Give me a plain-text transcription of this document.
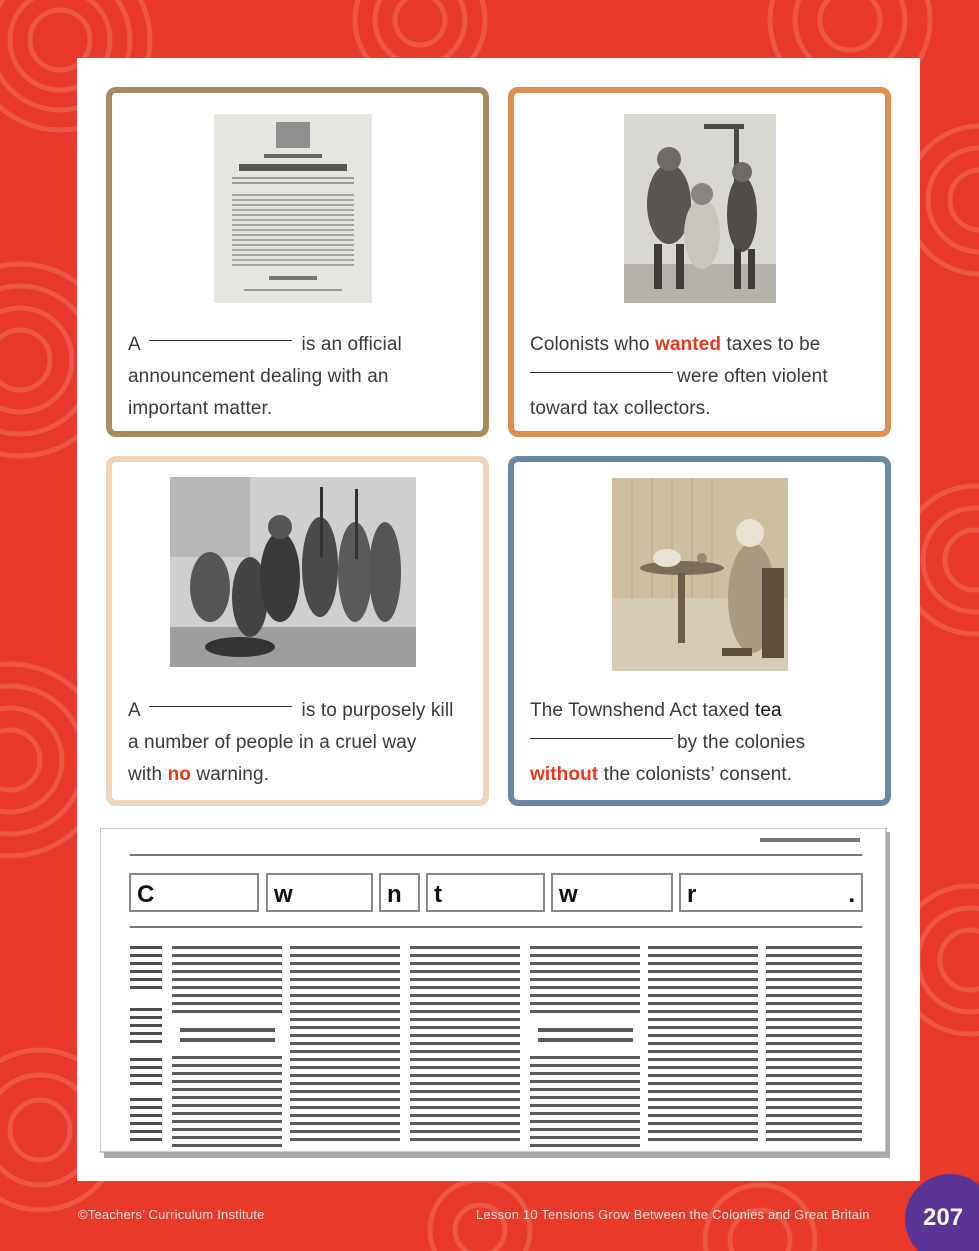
A	is an official announcement dealing with an important matter.
Colonists who wanted taxes to be
were often violent
toward tax collectors.
A	is to purposely kill
a number of people in a cruel way
with no warning.
The Townshend Act taxed tea
by the colonies
without the colonists’ consent.
C	w	n	t	w	r	.
©Teachers’ Curriculum Institute	Lesson 10 Tensions Grow Between the Colonies and Great Britain	207
